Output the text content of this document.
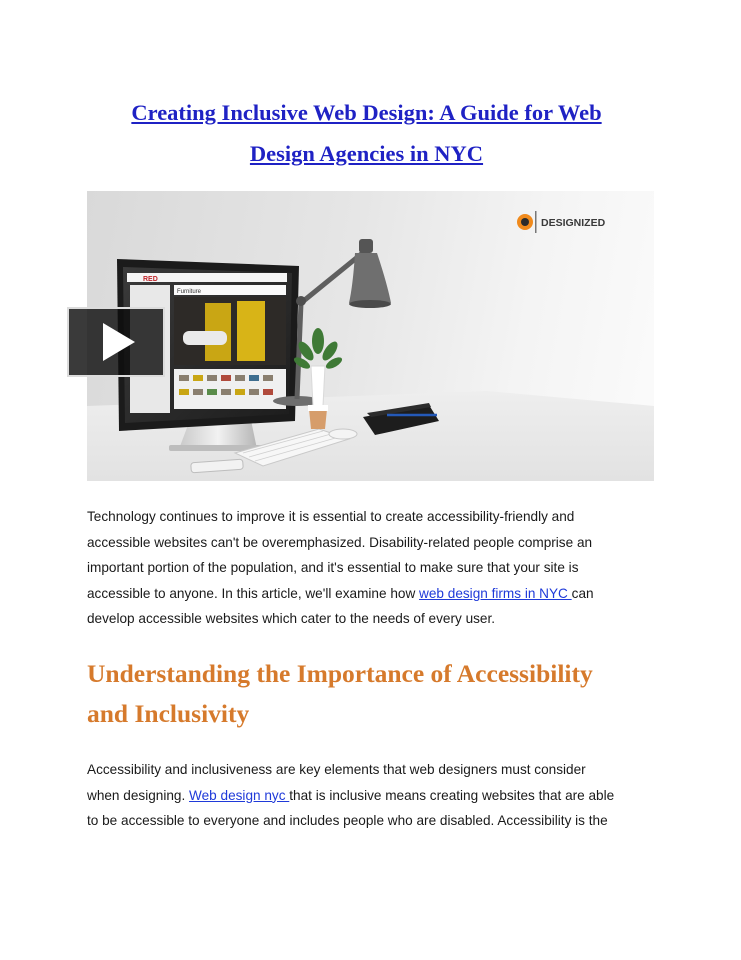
Creating Inclusive Web Design: A Guide for Web
Design Agencies in NYC
DESIGNIZED
RED
Furniture

Technology continues to improve it is essential to create accessibility-friendly and
accessible websites can't be overemphasized. Disability-related people comprise an
important portion of the population, and it's essential to make sure that your site is
accessible to anyone. In this article, we'll examine how web design firms in NYC can
develop accessible websites which cater to the needs of every user.

Understanding the Importance of Accessibility
and Inclusivity

Accessibility and inclusiveness are key elements that web designers must consider
when designing. Web design nyc that is inclusive means creating websites that are able
to be accessible to everyone and includes people who are disabled. Accessibility is the
